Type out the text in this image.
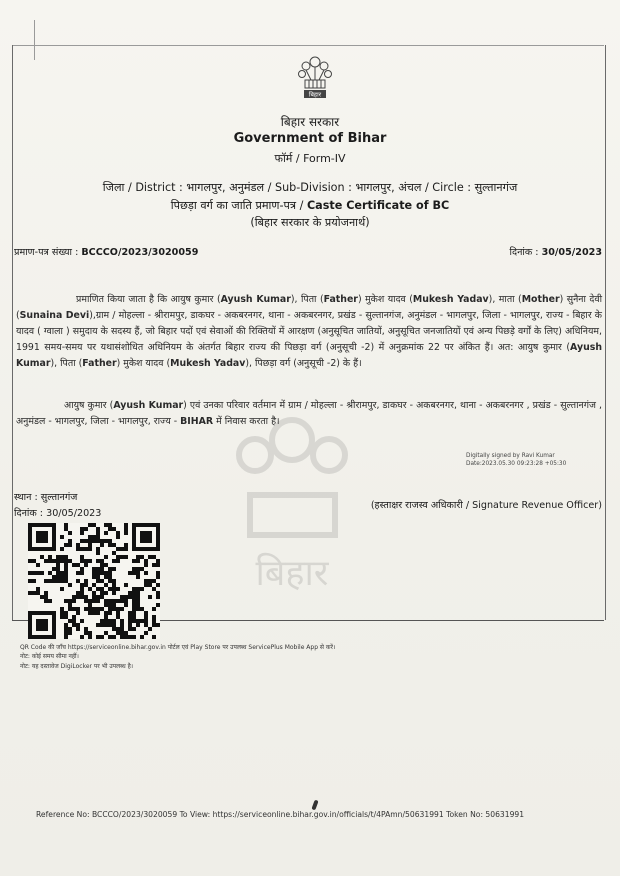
बिहार
बिहार
बिहार सरकार
Government of Bihar
फॉर्म / Form-IV
जिला / District : भागलपुर, अनुमंडल / Sub-Division : भागलपुर, अंचल / Circle : सुल्तानगंज
पिछड़ा वर्ग का जाति प्रमाण-पत्र / Caste Certificate of BC
(बिहार सरकार के प्रयोजनार्थ)
प्रमाण-पत्र संख्या : BCCCO/2023/3020059	दिनांक : 30/05/2023
प्रमाणित किया जाता है कि आयुष कुमार (Ayush Kumar), पिता (Father) मुकेश यादव (Mukesh Yadav), माता (Mother) सुनैना देवी (Sunaina Devi),ग्राम / मोहल्ला - श्रीरामपुर, डाकघर - अकबरनगर, थाना - अकबरनगर, प्रखंड - सुल्तानगंज, अनुमंडल - भागलपुर, जिला - भागलपुर, राज्य - बिहार के यादव ( ग्वाला ) समुदाय के सदस्य हैं, जो बिहार पदों एवं सेवाओं की रिक्तियों में आरक्षण (अनुसूचित जातियों, अनुसूचित जनजातियों एवं अन्य पिछड़े वर्गों के लिए) अधिनियम, 1991 समय-समय पर यथासंशोधित अधिनियम के अंतर्गत बिहार राज्य की पिछड़ा वर्ग (अनुसूची -2) में अनुक्रमांक 22 पर अंकित हैं। अत: आयुष कुमार (Ayush Kumar), पिता (Father) मुकेश यादव (Mukesh Yadav), पिछड़ा वर्ग (अनुसूची -2) के हैं।
आयुष कुमार (Ayush Kumar) एवं उनका परिवार वर्तमान में ग्राम / मोहल्ला - श्रीरामपुर, डाकघर - अकबरनगर, थाना - अकबरनगर , प्रखंड - सुल्तानगंज , अनुमंडल - भागलपुर, जिला - भागलपुर, राज्य - BIHAR में निवास करता है।
Digitally signed by Ravi Kumar
Date:2023.05.30 09:23:28 +05:30
स्थान : सुल्तानगंज
दिनांक : 30/05/2023
(हस्ताक्षर राजस्व अधिकारी / Signature Revenue Officer)
QR Code की जाँच https://serviceonline.bihar.gov.in पोर्टल एवं Play Store पर उपलब्ध ServicePlus Mobile App से करें।
नोट: कोई समय सीमा नहीं।
नोट: यह दस्तावेज DigiLocker पर भी उपलब्ध है।
Reference No: BCCCO/2023/3020059 To View: https://serviceonline.bihar.gov.in/officials/t/4PAmn/50631991 Token No: 50631991
